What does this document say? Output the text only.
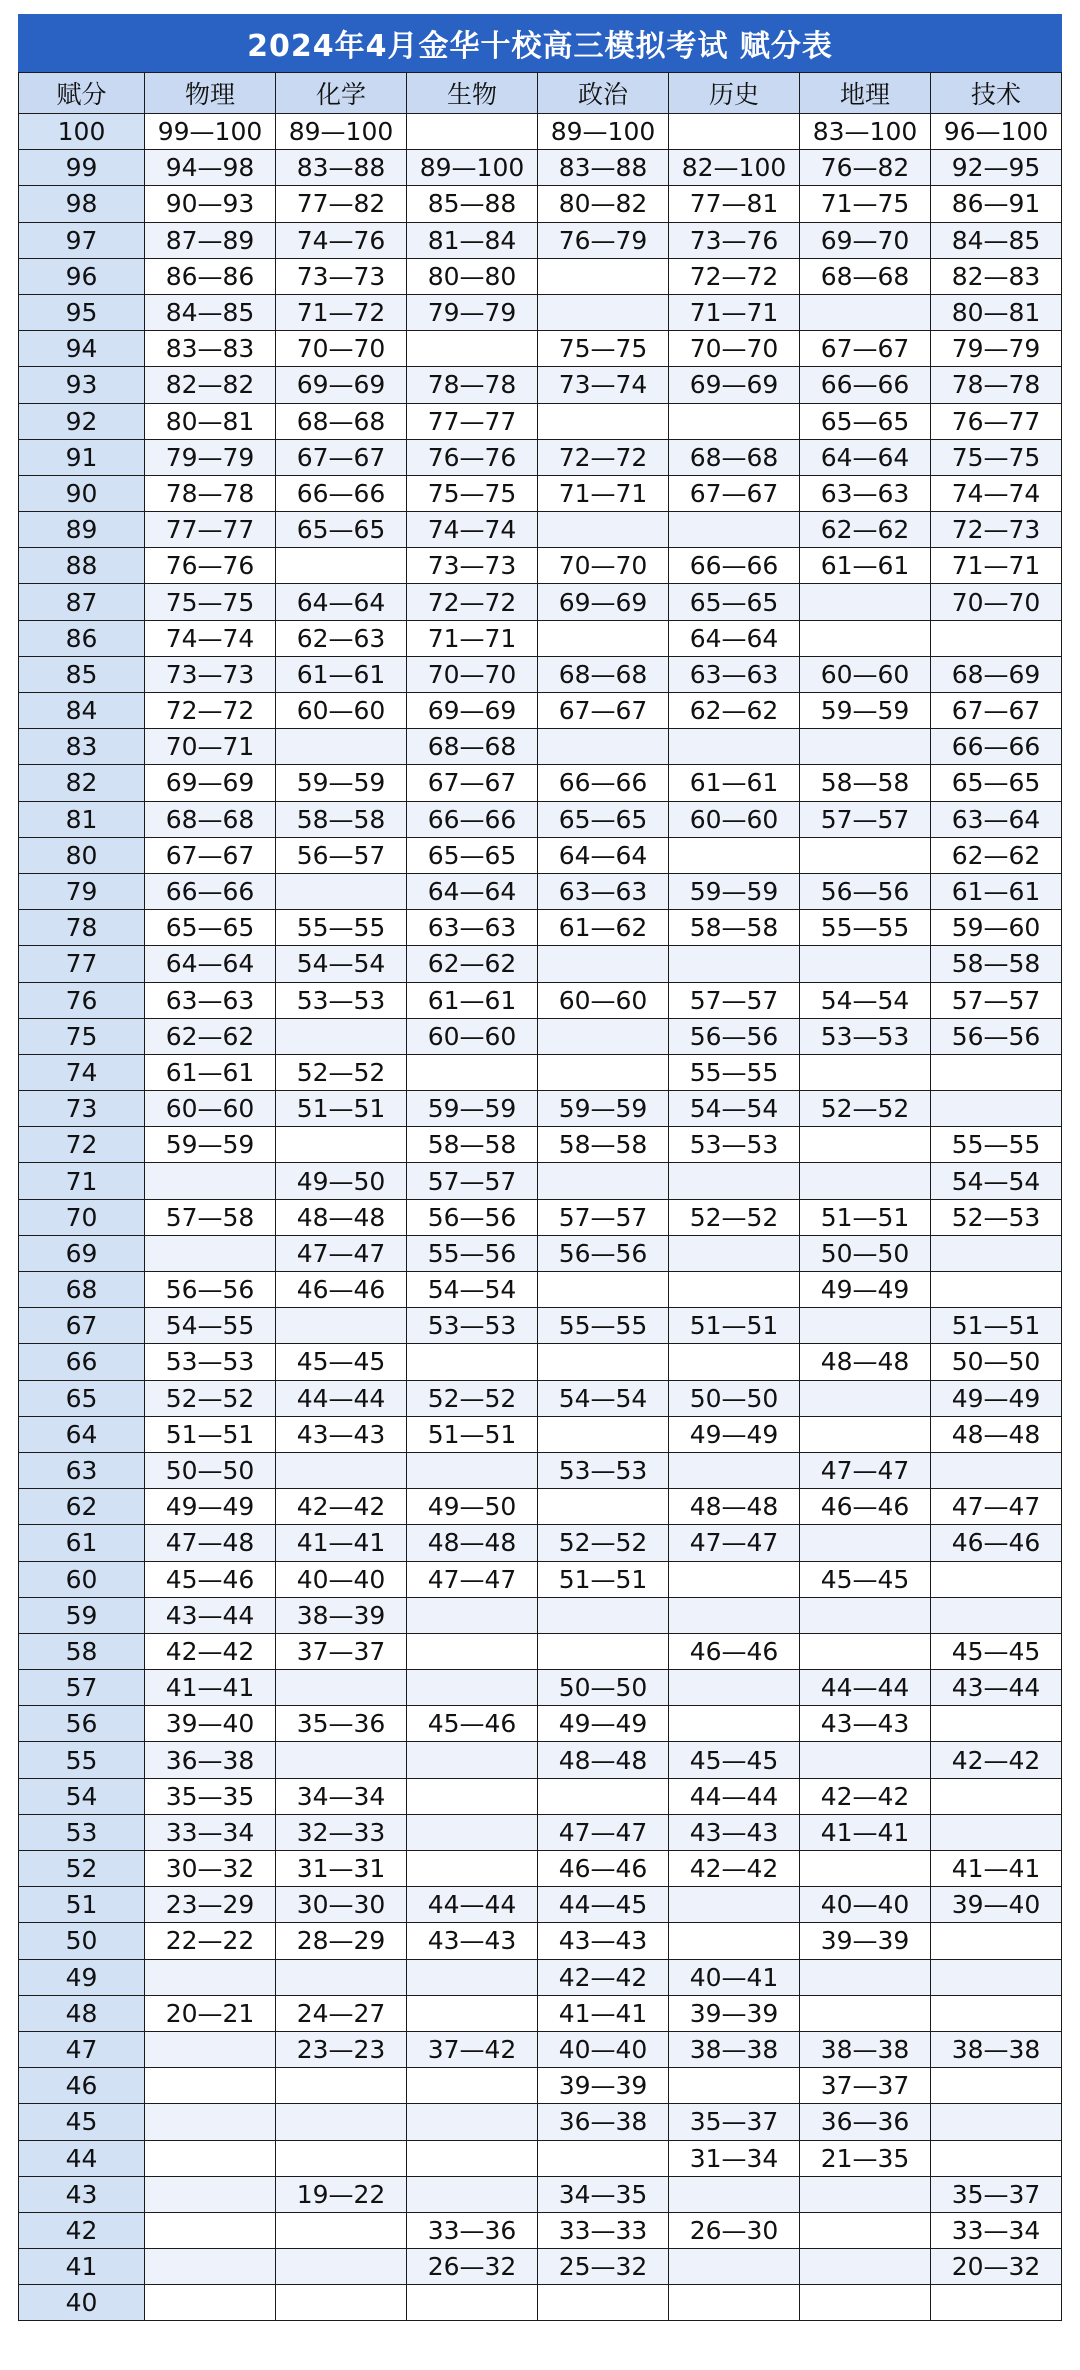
2024年4月金华十校高三模拟考试 赋分表
赋分	物理	化学	生物	政治	历史	地理	技术
100	99—100	89—100		89—100		83—100	96—100
99	94—98	83—88	89—100	83—88	82—100	76—82	92—95
98	90—93	77—82	85—88	80—82	77—81	71—75	86—91
97	87—89	74—76	81—84	76—79	73—76	69—70	84—85
96	86—86	73—73	80—80		72—72	68—68	82—83
95	84—85	71—72	79—79		71—71		80—81
94	83—83	70—70		75—75	70—70	67—67	79—79
93	82—82	69—69	78—78	73—74	69—69	66—66	78—78
92	80—81	68—68	77—77			65—65	76—77
91	79—79	67—67	76—76	72—72	68—68	64—64	75—75
90	78—78	66—66	75—75	71—71	67—67	63—63	74—74
89	77—77	65—65	74—74			62—62	72—73
88	76—76		73—73	70—70	66—66	61—61	71—71
87	75—75	64—64	72—72	69—69	65—65		70—70
86	74—74	62—63	71—71		64—64		
85	73—73	61—61	70—70	68—68	63—63	60—60	68—69
84	72—72	60—60	69—69	67—67	62—62	59—59	67—67
83	70—71		68—68				66—66
82	69—69	59—59	67—67	66—66	61—61	58—58	65—65
81	68—68	58—58	66—66	65—65	60—60	57—57	63—64
80	67—67	56—57	65—65	64—64			62—62
79	66—66		64—64	63—63	59—59	56—56	61—61
78	65—65	55—55	63—63	61—62	58—58	55—55	59—60
77	64—64	54—54	62—62				58—58
76	63—63	53—53	61—61	60—60	57—57	54—54	57—57
75	62—62		60—60		56—56	53—53	56—56
74	61—61	52—52			55—55		
73	60—60	51—51	59—59	59—59	54—54	52—52	
72	59—59		58—58	58—58	53—53		55—55
71		49—50	57—57				54—54
70	57—58	48—48	56—56	57—57	52—52	51—51	52—53
69		47—47	55—56	56—56		50—50	
68	56—56	46—46	54—54			49—49	
67	54—55		53—53	55—55	51—51		51—51
66	53—53	45—45				48—48	50—50
65	52—52	44—44	52—52	54—54	50—50		49—49
64	51—51	43—43	51—51		49—49		48—48
63	50—50			53—53		47—47	
62	49—49	42—42	49—50		48—48	46—46	47—47
61	47—48	41—41	48—48	52—52	47—47		46—46
60	45—46	40—40	47—47	51—51		45—45	
59	43—44	38—39					
58	42—42	37—37			46—46		45—45
57	41—41			50—50		44—44	43—44
56	39—40	35—36	45—46	49—49		43—43	
55	36—38			48—48	45—45		42—42
54	35—35	34—34			44—44	42—42	
53	33—34	32—33		47—47	43—43	41—41	
52	30—32	31—31		46—46	42—42		41—41
51	23—29	30—30	44—44	44—45		40—40	39—40
50	22—22	28—29	43—43	43—43		39—39	
49				42—42	40—41		
48	20—21	24—27		41—41	39—39		
47		23—23	37—42	40—40	38—38	38—38	38—38
46				39—39		37—37	
45				36—38	35—37	36—36	
44					31—34	21—35	
43		19—22		34—35			35—37
42			33—36	33—33	26—30		33—34
41			26—32	25—32			20—32
40							
